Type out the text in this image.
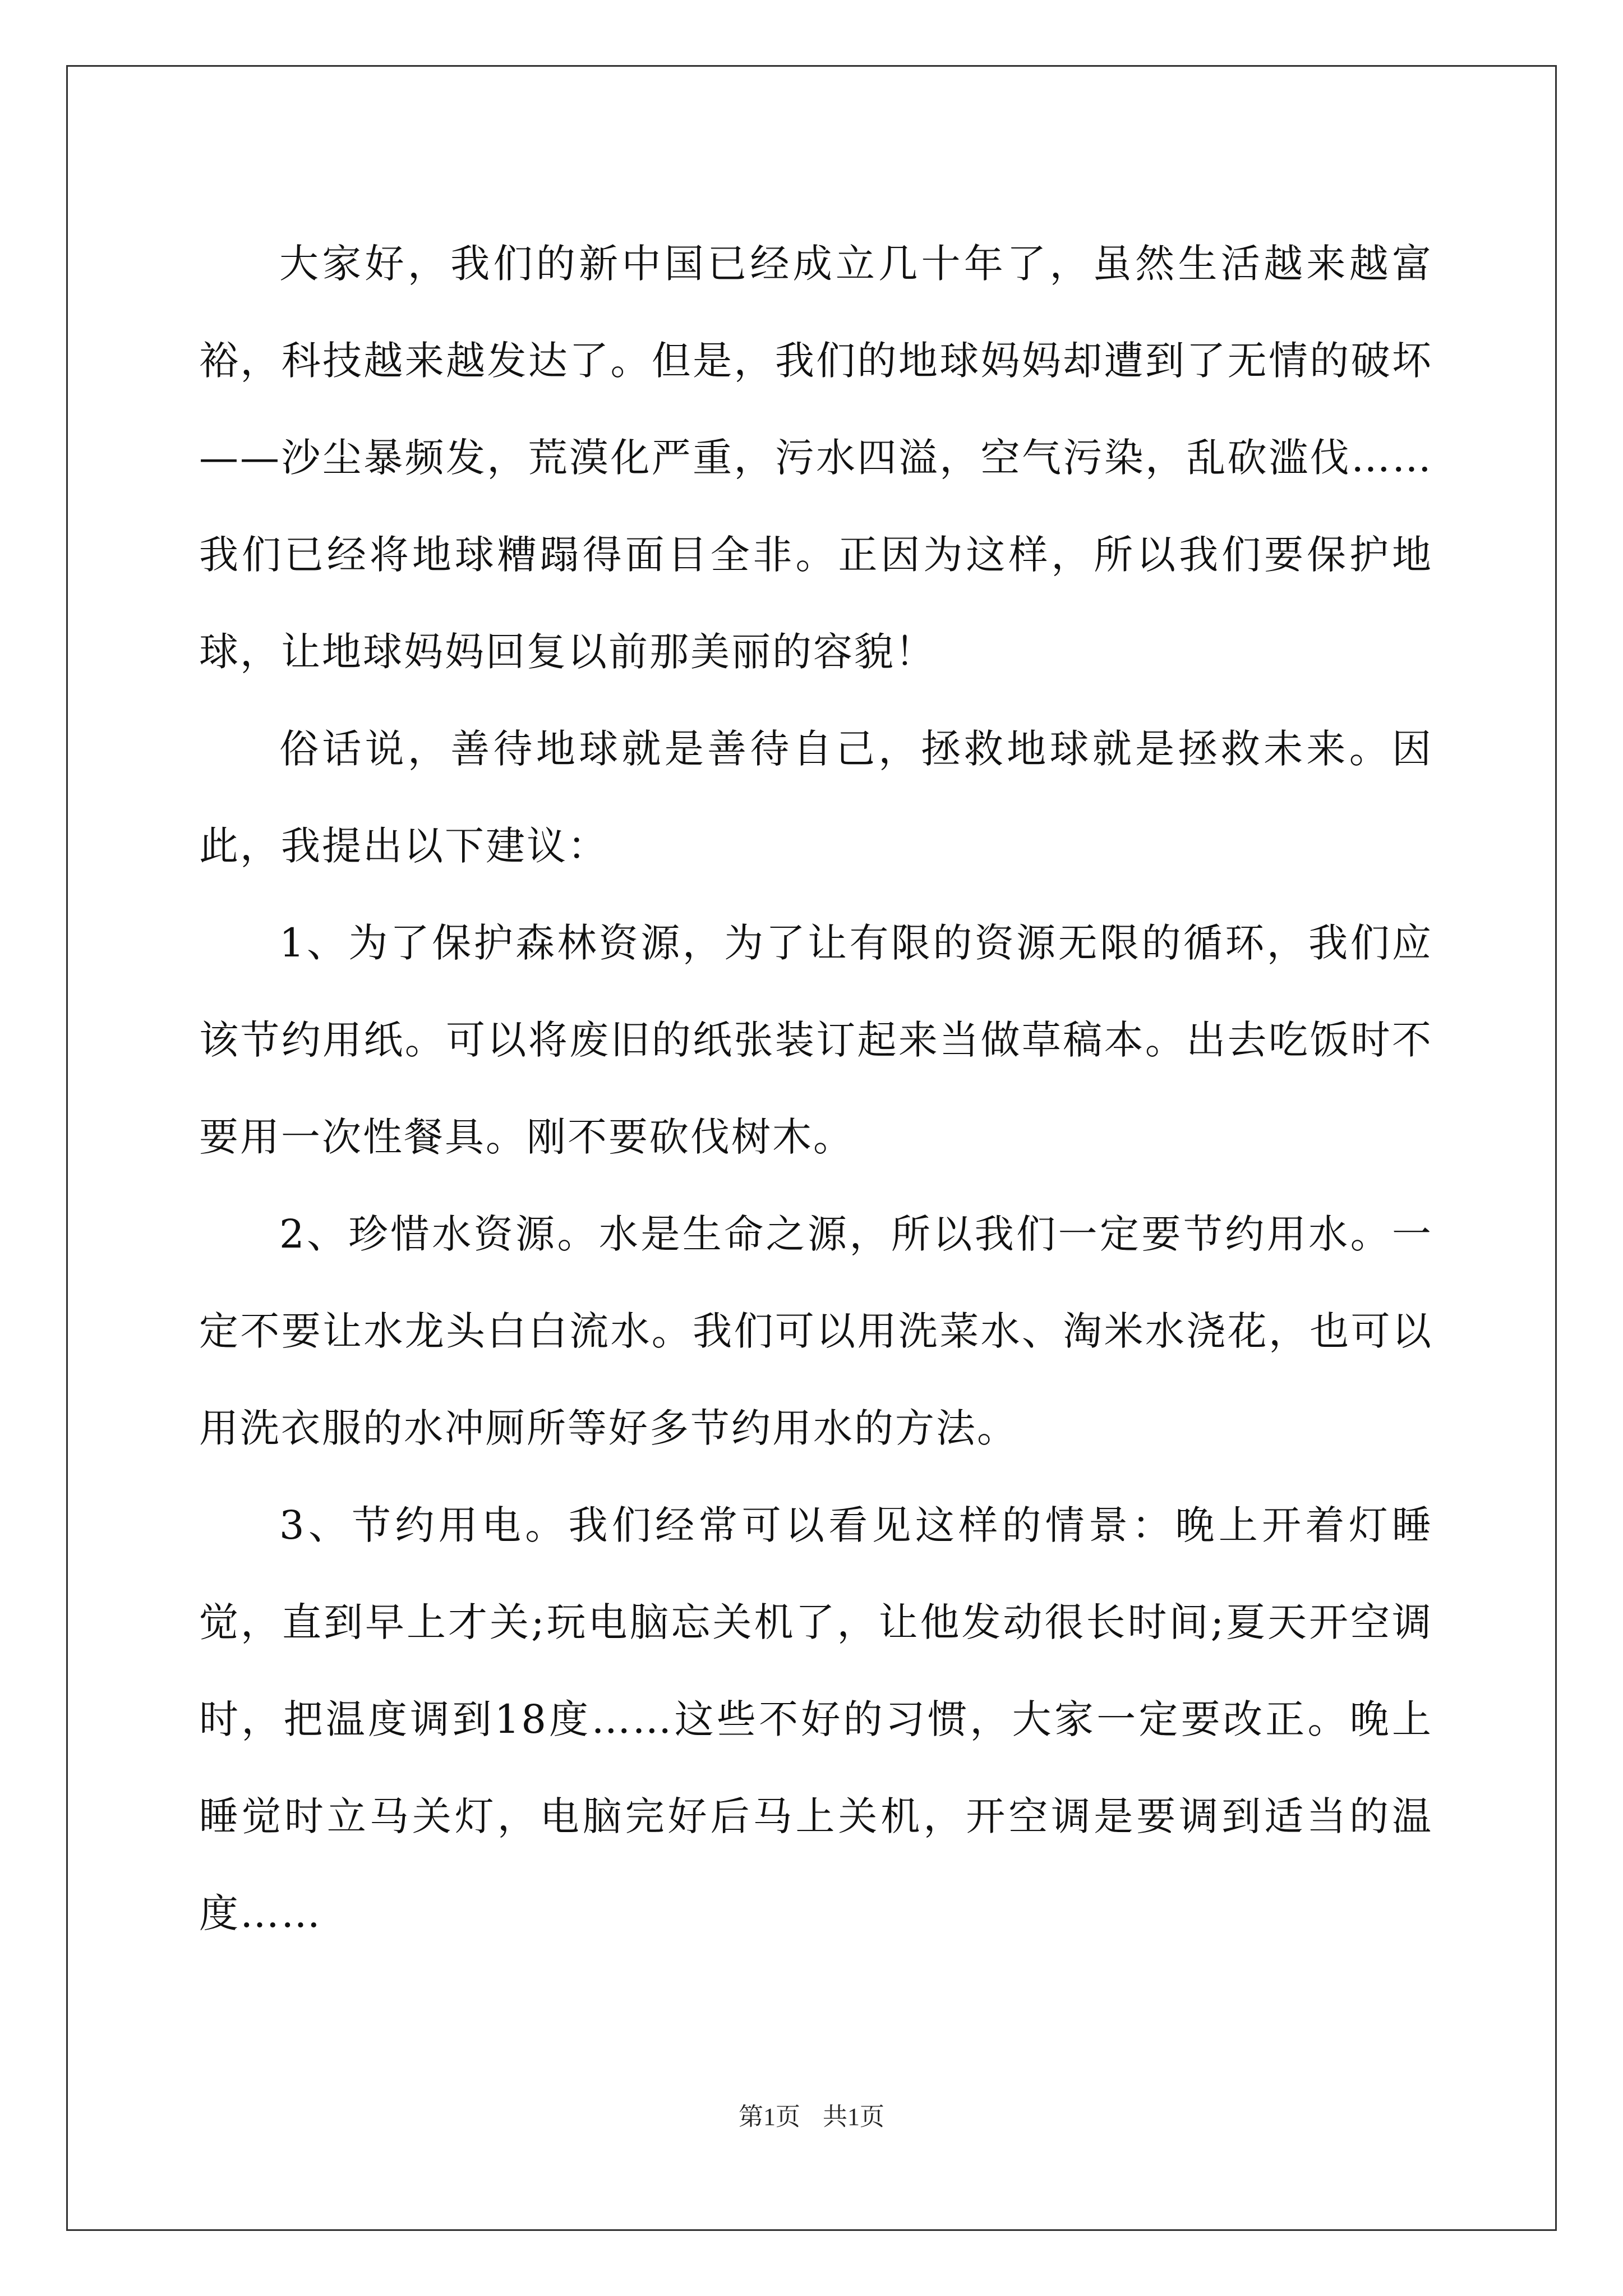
大家好，我们的新中国已经成立几十年了，虽然生活越来越富裕，科技越来越发达了。但是，我们的地球妈妈却遭到了无情的破坏——沙尘暴频发，荒漠化严重，污水四溢，空气污染，乱砍滥伐……我们已经将地球糟蹋得面目全非。正因为这样，所以我们要保护地球，让地球妈妈回复以前那美丽的容貌！

俗话说，善待地球就是善待自己，拯救地球就是拯救未来。因此，我提出以下建议：

1、为了保护森林资源，为了让有限的资源无限的循环，我们应该节约用纸。可以将废旧的纸张装订起来当做草稿本。出去吃饭时不要用一次性餐具。刚不要砍伐树木。

2、珍惜水资源。水是生命之源，所以我们一定要节约用水。一定不要让水龙头白白流水。我们可以用洗菜水、淘米水浇花，也可以用洗衣服的水冲厕所等好多节约用水的方法。

3、节约用电。我们经常可以看见这样的情景：晚上开着灯睡觉，直到早上才关;玩电脑忘关机了，让他发动很长时间;夏天开空调时，把温度调到18度……这些不好的习惯，大家一定要改正。晚上睡觉时立马关灯，电脑完好后马上关机，开空调是要调到适当的温度……

第1页 共1页
